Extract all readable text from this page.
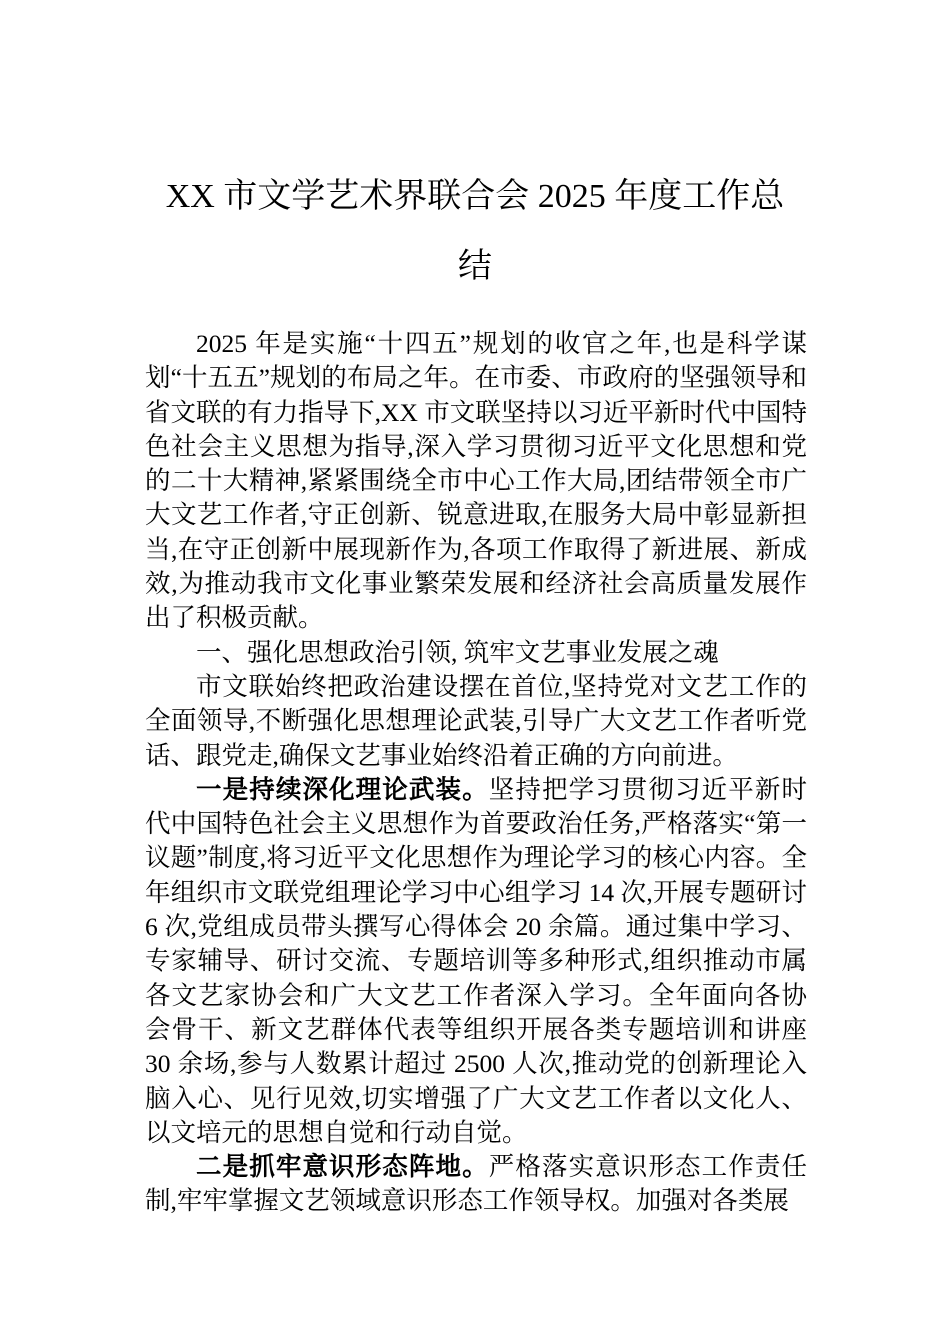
XX 市文学艺术界联合会 2025 年度工作总
结

2025 年是实施“十四五”规划的收官之年,也是科学谋划“十五五”规划的布局之年。在市委、市政府的坚强领导和省文联的有力指导下,XX 市文联坚持以习近平新时代中国特色社会主义思想为指导,深入学习贯彻习近平文化思想和党的二十大精神,紧紧围绕全市中心工作大局,团结带领全市广大文艺工作者,守正创新、锐意进取,在服务大局中彰显新担当,在守正创新中展现新作为,各项工作取得了新进展、新成效,为推动我市文化事业繁荣发展和经济社会高质量发展作出了积极贡献。

一、强化思想政治引领, 筑牢文艺事业发展之魂

市文联始终把政治建设摆在首位,坚持党对文艺工作的全面领导,不断强化思想理论武装,引导广大文艺工作者听党话、跟党走,确保文艺事业始终沿着正确的方向前进。

一是持续深化理论武装。坚持把学习贯彻习近平新时代中国特色社会主义思想作为首要政治任务,严格落实“第一议题”制度,将习近平文化思想作为理论学习的核心内容。全年组织市文联党组理论学习中心组学习 14 次,开展专题研讨 6 次,党组成员带头撰写心得体会 20 余篇。通过集中学习、专家辅导、研讨交流、专题培训等多种形式,组织推动市属各文艺家协会和广大文艺工作者深入学习。全年面向各协会骨干、新文艺群体代表等组织开展各类专题培训和讲座 30 余场,参与人数累计超过 2500 人次,推动党的创新理论入脑入心、见行见效,切实增强了广大文艺工作者以文化人、以文培元的思想自觉和行动自觉。

二是抓牢意识形态阵地。严格落实意识形态工作责任制,牢牢掌握文艺领域意识形态工作领导权。加强对各类展
